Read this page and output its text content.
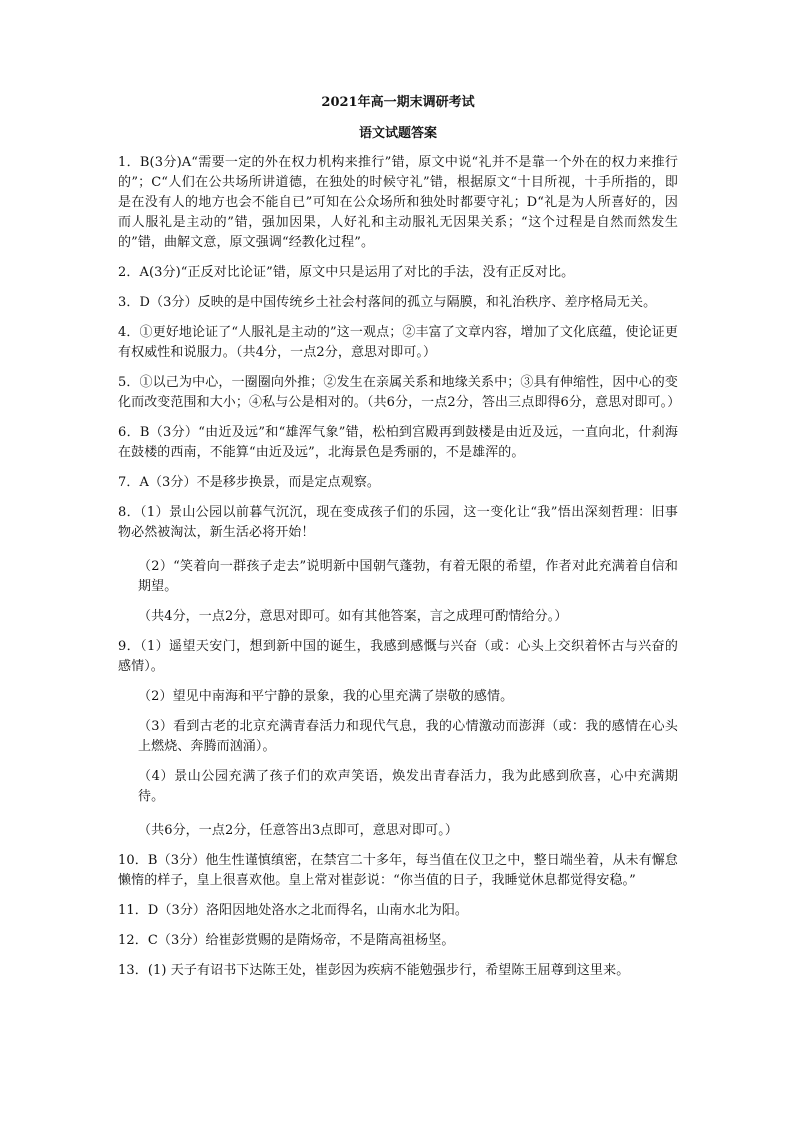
2021年高一期末调研考试
语文试题答案
1．B(3分)A“需要一定的外在权力机构来推行”错，原文中说“礼并不是靠一个外在的权力来推行的”；C“人们在公共场所讲道德，在独处的时候守礼”错，根据原文“十目所视，十手所指的，即是在没有人的地方也会不能自已”可知在公众场所和独处时都要守礼；D“礼是为人所喜好的，因而人服礼是主动的”错，强加因果，人好礼和主动服礼无因果关系；“这个过程是自然而然发生的”错，曲解文意，原文强调“经教化过程”。
2．A(3分)“正反对比论证”错，原文中只是运用了对比的手法，没有正反对比。
3．D（3分）反映的是中国传统乡土社会村落间的孤立与隔膜，和礼治秩序、差序格局无关。
4．①更好地论证了“人服礼是主动的”这一观点；②丰富了文章内容，增加了文化底蕴，使论证更有权威性和说服力。（共4分，一点2分，意思对即可。）
5．①以己为中心，一圈圈向外推；②发生在亲属关系和地缘关系中；③具有伸缩性，因中心的变化而改变范围和大小；④私与公是相对的。（共6分，一点2分，答出三点即得6分，意思对即可。）
6．B（3分）“由近及远”和“雄浑气象”错，松柏到宫殿再到鼓楼是由近及远，一直向北，什刹海在鼓楼的西南，不能算“由近及远”，北海景色是秀丽的，不是雄浑的。
7．A（3分）不是移步换景，而是定点观察。
8．（1）景山公园以前暮气沉沉，现在变成孩子们的乐园，这一变化让“我”悟出深刻哲理：旧事物必然被淘汰，新生活必将开始！
（2）“笑着向一群孩子走去”说明新中国朝气蓬勃，有着无限的希望，作者对此充满着自信和期望。
（共4分，一点2分，意思对即可。如有其他答案，言之成理可酌情给分。）
9．（1）遥望天安门，想到新中国的诞生，我感到感慨与兴奋（或：心头上交织着怀古与兴奋的感情）。
（2）望见中南海和平宁静的景象，我的心里充满了崇敬的感情。
（3）看到古老的北京充满青春活力和现代气息，我的心情激动而澎湃（或：我的感情在心头上燃烧、奔腾而汹涌）。
（4）景山公园充满了孩子们的欢声笑语，焕发出青春活力，我为此感到欣喜，心中充满期待。
（共6分，一点2分，任意答出3点即可，意思对即可。）
10．B（3分）他生性谨慎缜密，在禁宫二十多年，每当值在仪卫之中，整日端坐着，从未有懈怠懒惰的样子，皇上很喜欢他。皇上常对崔彭说：“你当值的日子，我睡觉休息都觉得安稳。”
11．D（3分）洛阳因地处洛水之北而得名，山南水北为阳。
12．C（3分）给崔彭赏赐的是隋炀帝，不是隋高祖杨坚。
13．(1) 天子有诏书下达陈王处，崔彭因为疾病不能勉强步行，希望陈王屈尊到这里来。
